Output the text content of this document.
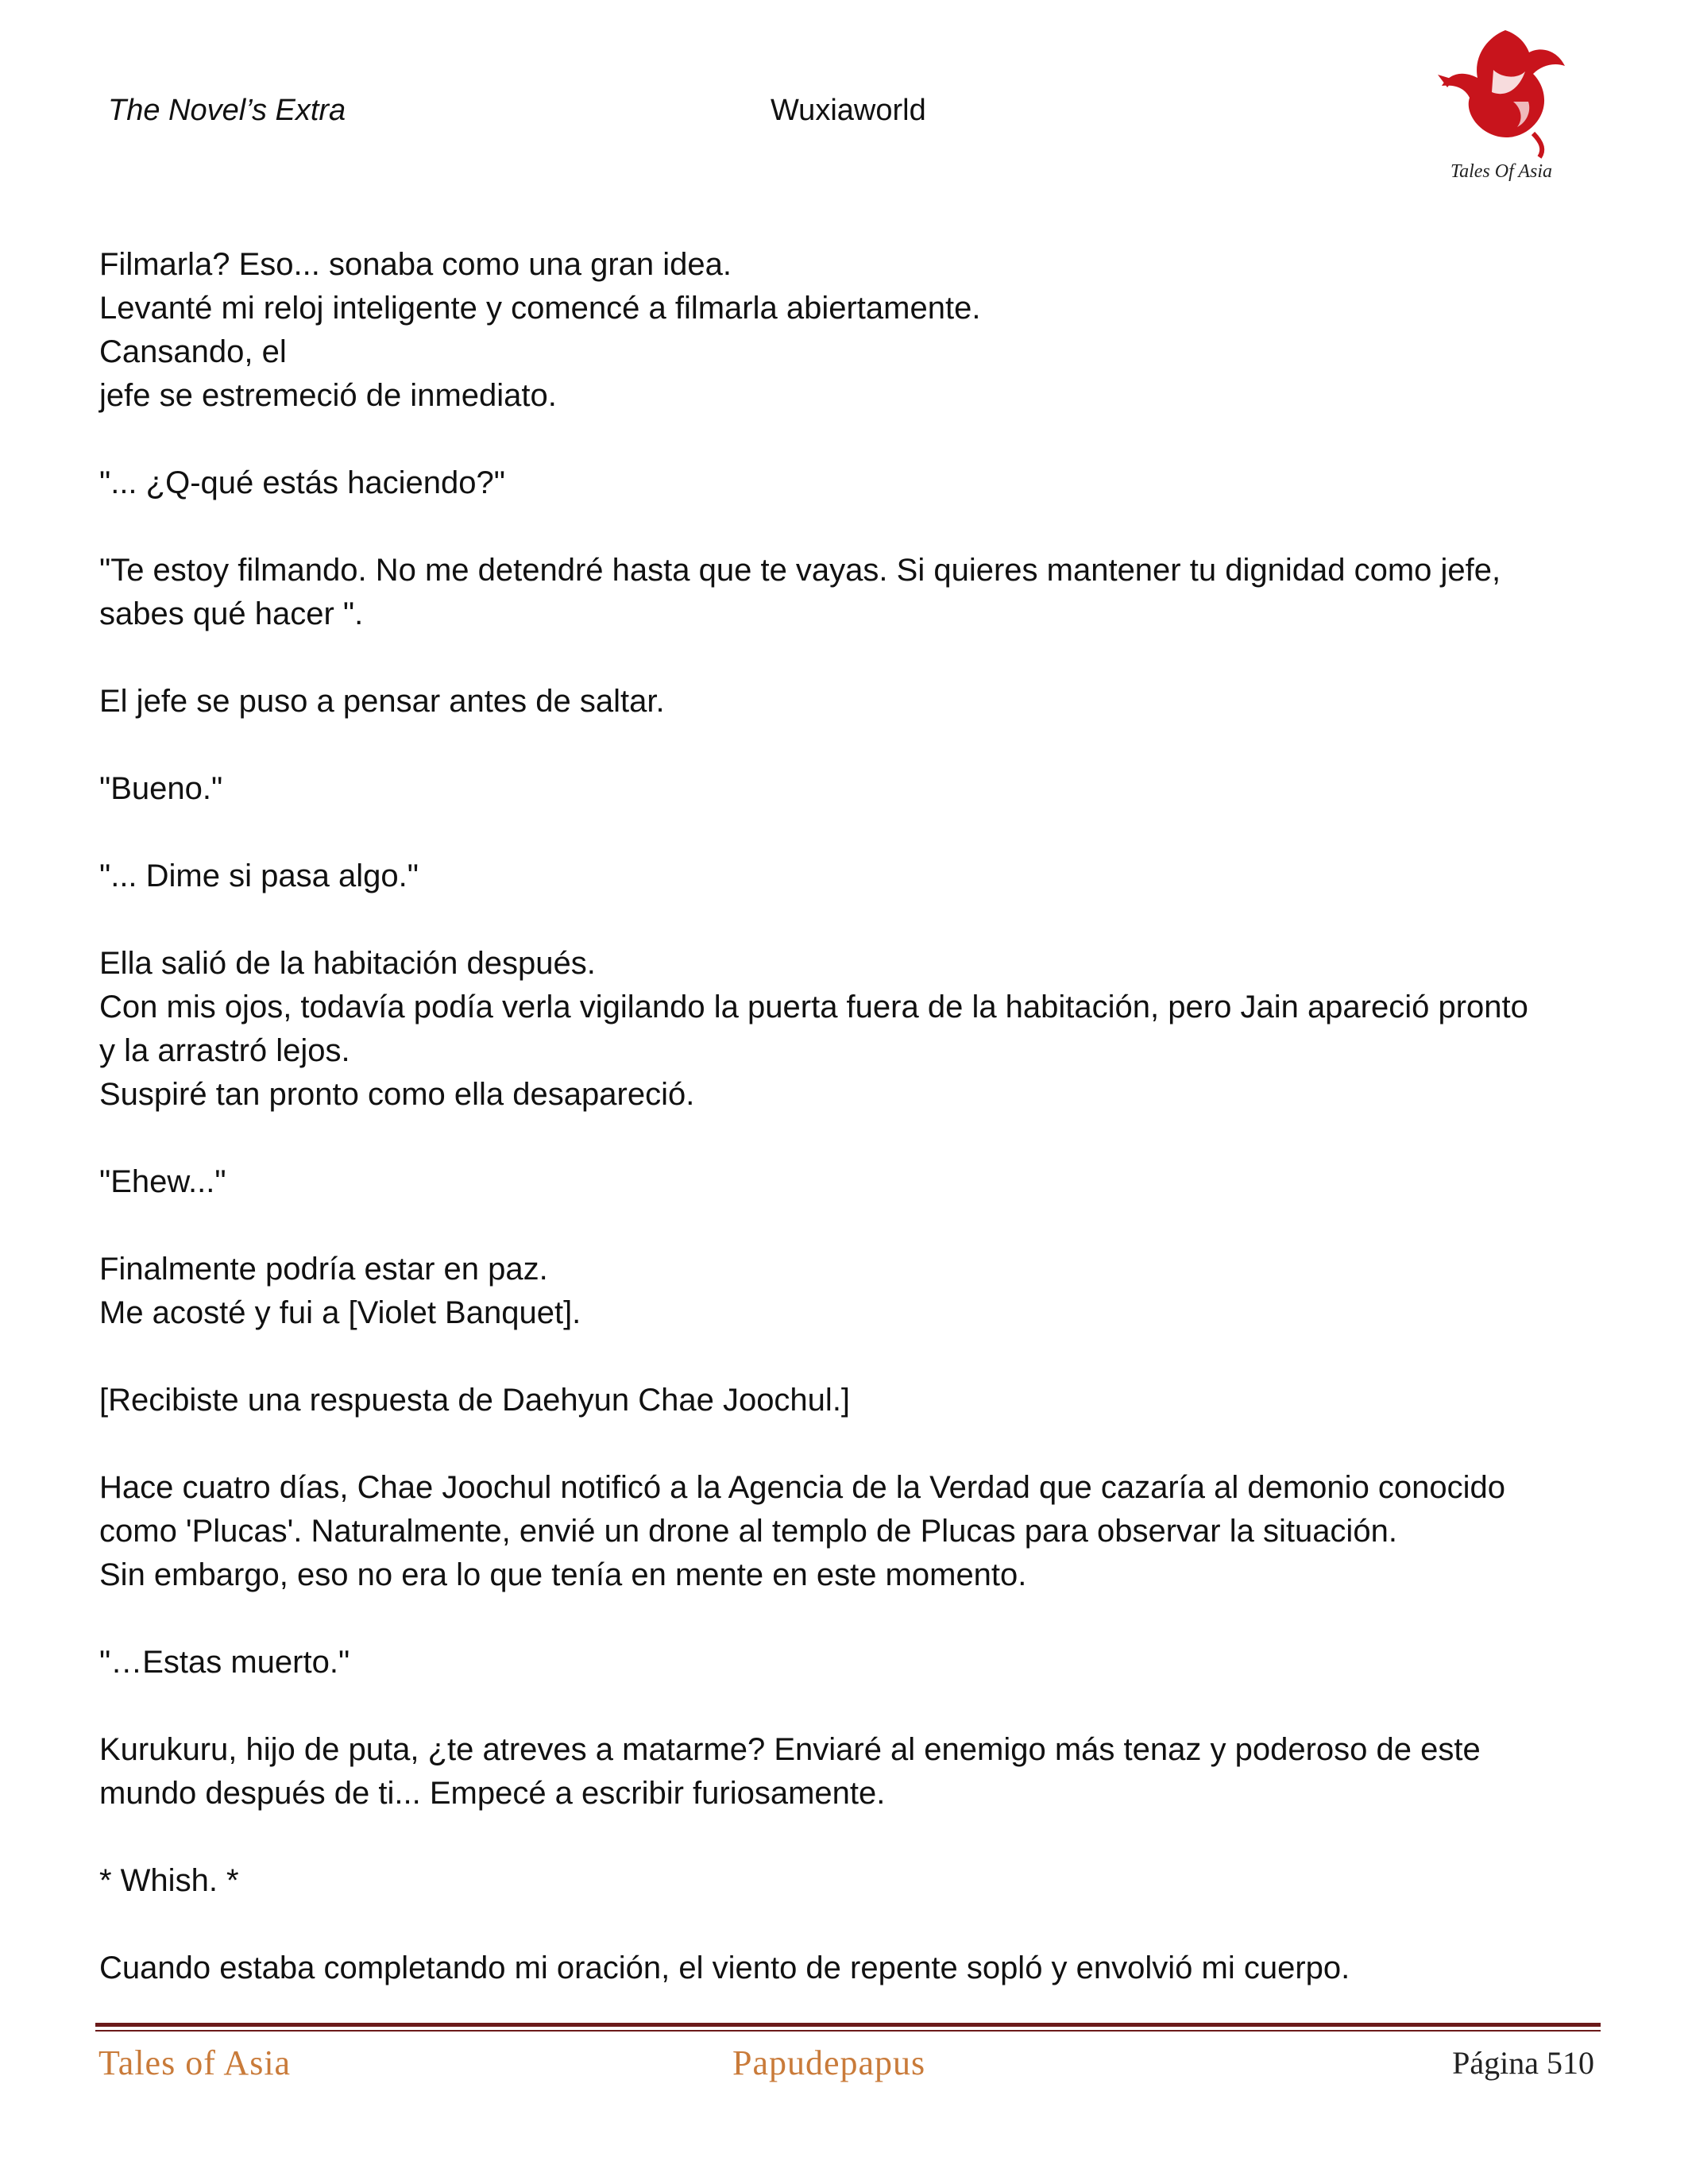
The Novel’s Extra	Wuxiaworld
Tales Of Asia

Filmarla? Eso... sonaba como una gran idea.
Levanté mi reloj inteligente y comencé a filmarla abiertamente.
Cansando, el
jefe se estremeció de inmediato.

"... ¿Q-qué estás haciendo?"

"Te estoy filmando. No me detendré hasta que te vayas. Si quieres mantener tu dignidad como jefe,
sabes qué hacer ".

El jefe se puso a pensar antes de saltar.

"Bueno."

"... Dime si pasa algo."

Ella salió de la habitación después.
Con mis ojos, todavía podía verla vigilando la puerta fuera de la habitación, pero Jain apareció pronto
y la arrastró lejos.
Suspiré tan pronto como ella desapareció.

"Ehew..."

Finalmente podría estar en paz.
Me acosté y fui a [Violet Banquet].

[Recibiste una respuesta de Daehyun Chae Joochul.]

Hace cuatro días, Chae Joochul notificó a la Agencia de la Verdad que cazaría al demonio conocido
como 'Plucas'. Naturalmente, envié un drone al templo de Plucas para observar la situación.
Sin embargo, eso no era lo que tenía en mente en este momento.

"…Estas muerto."

Kurukuru, hijo de puta, ¿te atreves a matarme? Enviaré al enemigo más tenaz y poderoso de este
mundo después de ti... Empecé a escribir furiosamente.

* Whish. *

Cuando estaba completando mi oración, el viento de repente sopló y envolvió mi cuerpo.

Tales of Asia	Papudepapus	Página 510
